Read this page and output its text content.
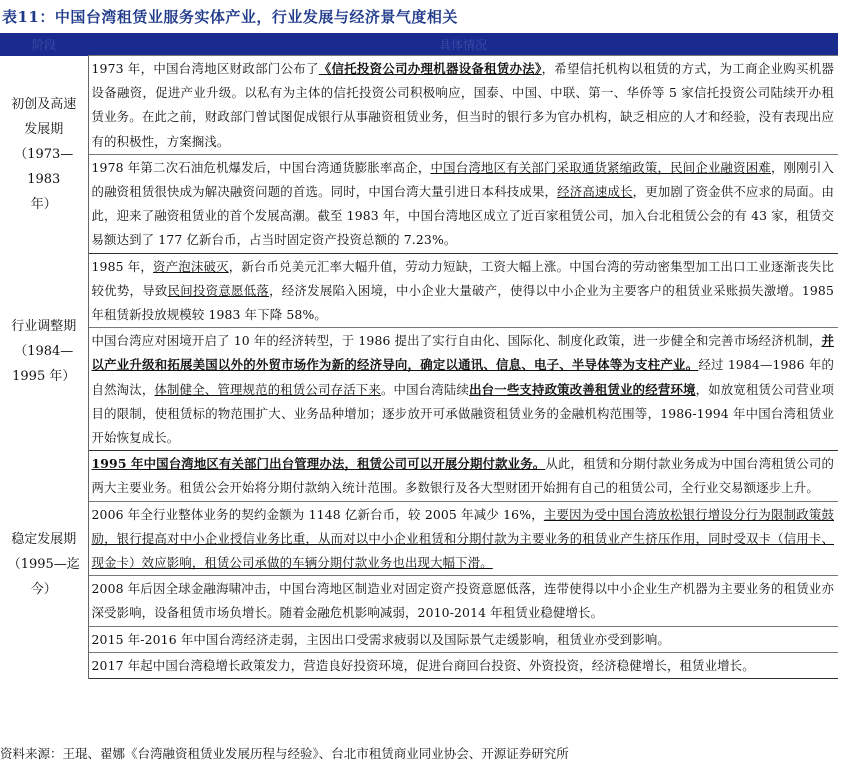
表11：中国台湾租赁业服务实体产业，行业发展与经济景气度相关
阶段	具体情况

初创及高速
发展期
（1973—1983
年）	1973 年，中国台湾地区财政部门公布了《信托投资公司办理机器设备租赁办法》，希望信托机构以租赁的方式，为工商企业购买机器设备融资，促进产业升级。以私有为主体的信托投资公司积极响应，国泰、中国、中联、第一、华侨等 5 家信托投资公司陆续开办租赁业务。在此之前，财政部门曾试图促成银行从事融资租赁业务，但当时的银行多为官办机构，缺乏相应的人才和经验，没有表现出应有的积极性，方案搁浅。
	1978 年第二次石油危机爆发后，中国台湾通货膨胀率高企，中国台湾地区有关部门采取通货紧缩政策，民间企业融资困难，刚刚引入的融资租赁很快成为解决融资问题的首选。同时，中国台湾大量引进日本科技成果，经济高速成长，更加剧了资金供不应求的局面。由此，迎来了融资租赁业的首个发展高潮。截至 1983 年，中国台湾地区成立了近百家租赁公司，加入台北租赁公会的有 43 家，租赁交易额达到了 177 亿新台币，占当时固定资产投资总额的 7.23%。

行业调整期
（1984—
1995 年）	1985 年，资产泡沫破灭，新台币兑美元汇率大幅升值，劳动力短缺，工资大幅上涨。中国台湾的劳动密集型加工出口工业逐渐丧失比较优势，导致民间投资意愿低落，经济发展陷入困境，中小企业大量破产，使得以中小企业为主要客户的租赁业采账损失激增。1985 年租赁新投放规模较 1983 年下降 58%。
	中国台湾应对困境开启了 10 年的经济转型，于 1986 提出了实行自由化、国际化、制度化政策，进一步健全和完善市场经济机制，并以产业升级和拓展美国以外的外贸市场作为新的经济导向，确定以通讯、信息、电子、半导体等为支柱产业。经过 1984—1986 年的自然淘汰，体制健全、管理规范的租赁公司存活下来。中国台湾陆续出台一些支持政策改善租赁业的经营环境，如放宽租赁公司营业项目的限制，使租赁标的物范围扩大、业务品种增加；逐步放开可承做融资租赁业务的金融机构范围等，1986-1994 年中国台湾租赁业开始恢复成长。

稳定发展期
（1995—迄
今）	1995 年中国台湾地区有关部门出台管理办法，租赁公司可以开展分期付款业务。从此，租赁和分期付款业务成为中国台湾租赁公司的两大主要业务。租赁公会开始将分期付款纳入统计范围。多数银行及各大型财团开始拥有自己的租赁公司，全行业交易额逐步上升。
	2006 年全行业整体业务的契约金额为 1148 亿新台币，较 2005 年减少 16%，主要因为受中国台湾放松银行增设分行为限制政策鼓励，银行提高对中小企业授信业务比重，从而对以中小企业租赁和分期付款为主要业务的租赁业产生挤压作用，同时受双卡（信用卡、现金卡）效应影响，租赁公司承做的车辆分期付款业务也出现大幅下滑。
	2008 年后因全球金融海啸冲击，中国台湾地区制造业对固定资产投资意愿低落，连带使得以中小企业生产机器为主要业务的租赁业亦深受影响，设备租赁市场负增长。随着金融危机影响减弱，2010-2014 年租赁业稳健增长。
	2015 年-2016 年中国台湾经济走弱，主因出口受需求疲弱以及国际景气走缓影响，租赁业亦受到影响。
	2017 年起中国台湾稳增长政策发力，营造良好投资环境，促进台商回台投资、外资投资，经济稳健增长，租赁业增长。
资料来源：王琨、翟娜《台湾融资租赁业发展历程与经验》、台北市租赁商业同业协会、开源证券研究所
